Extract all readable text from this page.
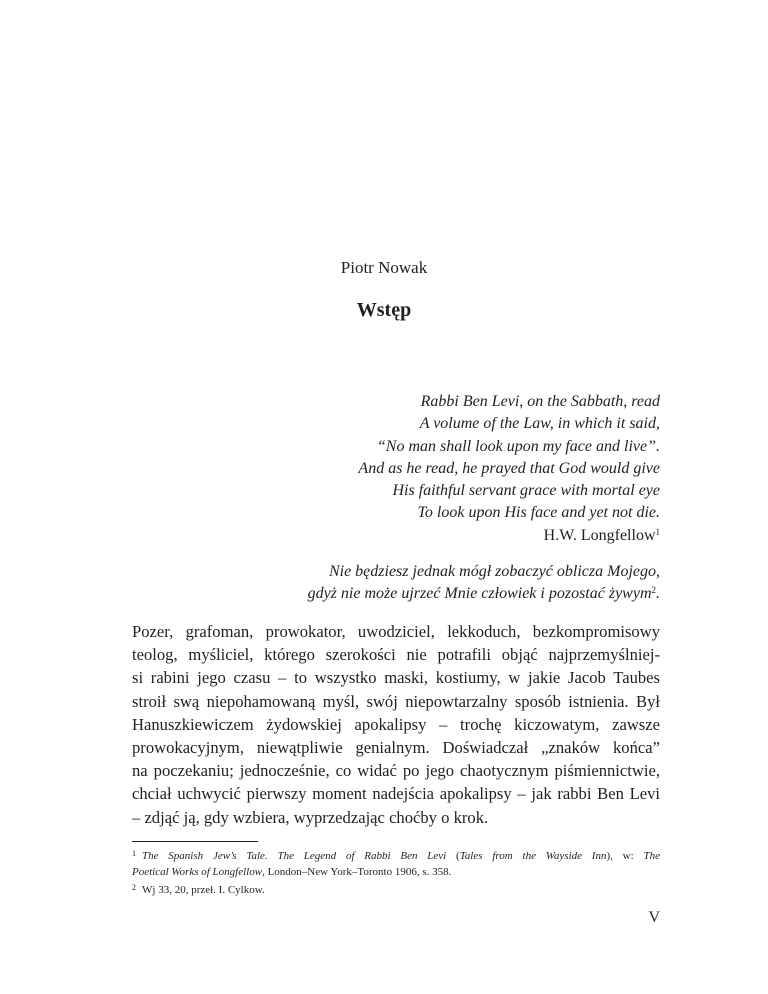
Piotr Nowak
Wstęp
Rabbi Ben Levi, on the Sabbath, read
A volume of the Law, in which it said,
“No man shall look upon my face and live”.
And as he read, he prayed that God would give
His faithful servant grace with mortal eye
To look upon His face and yet not die.
H.W. Longfellow$^1$
Nie będziesz jednak mógł zobaczyć oblicza Mojego,
gdyż nie może ujrzeć Mnie człowiek i pozostać żywym$^2$.
Pozer, grafoman, prowokator, uwodziciel, lekkoduch, bezkompromisowy
teolog, myśliciel, którego szerokości nie potrafili objąć najprzemyślniej-
si rabini jego czasu – to wszystko maski, kostiumy, w jakie Jacob Taubes
stroił swą niepohamowaną myśl, swój niepowtarzalny sposób istnienia. Był
Hanuszkiewiczem żydowskiej apokalipsy – trochę kiczowatym, zawsze
prowokacyjnym, niewątpliwie genialnym. Doświadczał „znaków końca”
na poczekaniu; jednocześnie, co widać po jego chaotycznym piśmiennictwie,
chciał uchwycić pierwszy moment nadejścia apokalipsy – jak rabbi Ben Levi
– zdjąć ją, gdy wzbiera, wyprzedzając choćby o krok.
$^1$ The Spanish Jew’s Tale. The Legend of Rabbi Ben Levi (Tales from the Wayside Inn), w: The
Poetical Works of Longfellow, London–New York–Toronto 1906, s. 358.
$^2$ Wj 33, 20, przeł. I. Cylkow.
V
